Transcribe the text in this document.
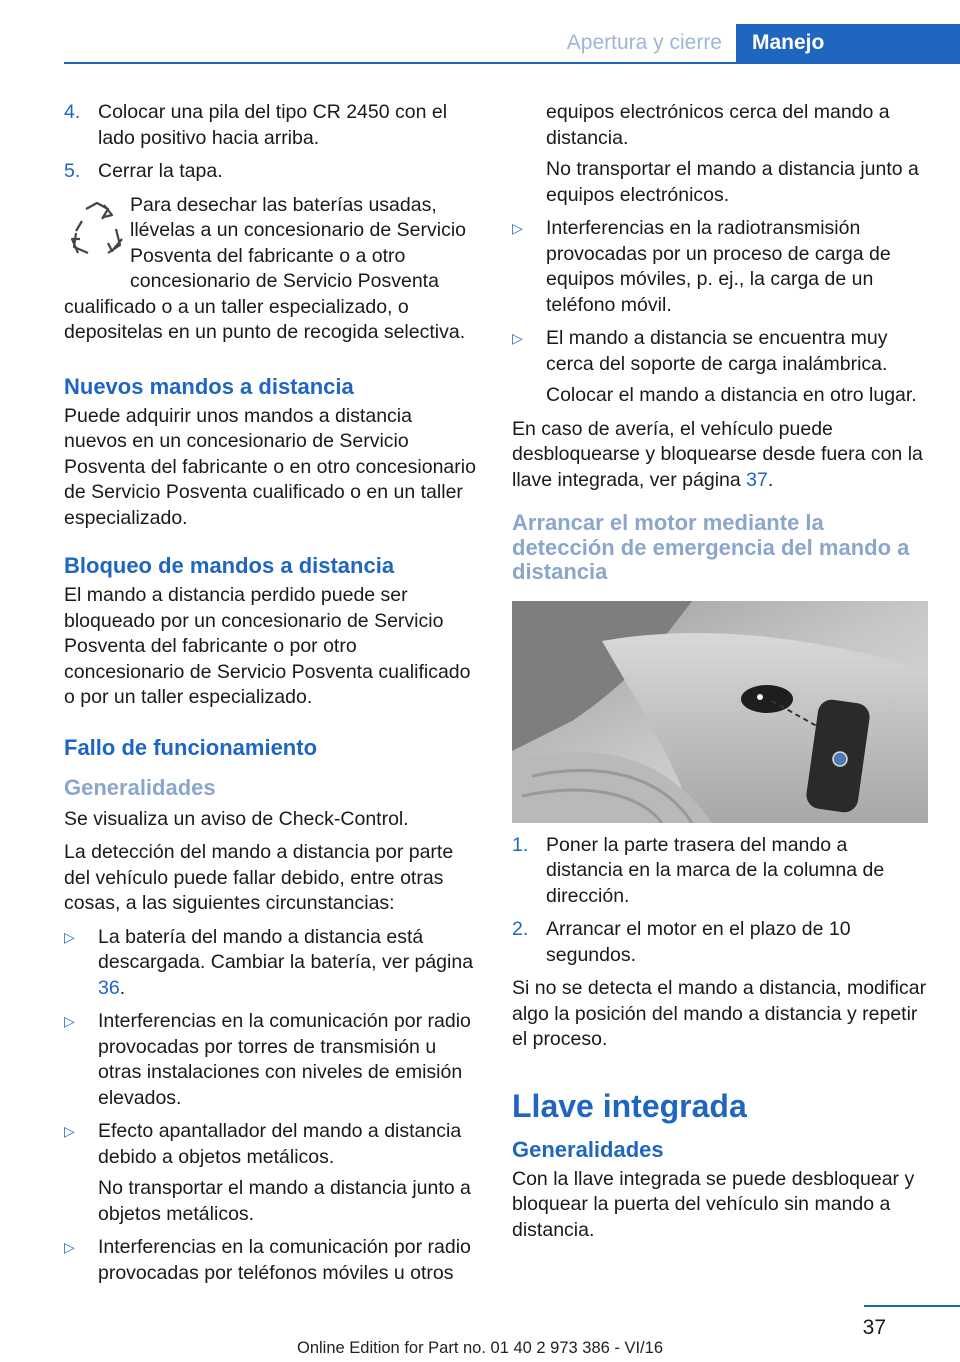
Apertura y cierre	Manejo
4. Colocar una pila del tipo CR 2450 con el lado positivo hacia arriba.
5. Cerrar la tapa.
Para desechar las baterías usadas, llévelas a un concesionario de Servicio Posventa del fabricante o a otro concesionario de Servicio Posventa cualificado o a un taller especializado, o depositelas en un punto de recogida selectiva.
Nuevos mandos a distancia

Puede adquirir unos mandos a distancia nuevos en un concesionario de Servicio Posventa del fabricante o en otro concesionario de Servicio Posventa cualificado o en un taller especializado.

Bloqueo de mandos a distancia

El mando a distancia perdido puede ser bloqueado por un concesionario de Servicio Posventa del fabricante o por otro concesionario de Servicio Posventa cualificado o por un taller especializado.

Fallo de funcionamiento
Generalidades

Se visualiza un aviso de Check-Control.

La detección del mando a distancia por parte del vehículo puede fallar debido, entre otras cosas, a las siguientes circunstancias:

▷	La batería del mando a distancia está descargada. Cambiar la batería, ver página 36.
▷	Interferencias en la comunicación por radio provocadas por torres de transmisión u otras instalaciones con niveles de emisión elevados.
▷	Efecto apantallador del mando a distancia debido a objetos metálicos.
No transportar el mando a distancia junto a objetos metálicos.
▷	Interferencias en la comunicación por radio provocadas por teléfonos móviles u otros
equipos electrónicos cerca del mando a distancia.
No transportar el mando a distancia junto a equipos electrónicos.
▷	Interferencias en la radiotransmisión provocadas por un proceso de carga de equipos móviles, p. ej., la carga de un teléfono móvil.
▷	El mando a distancia se encuentra muy cerca del soporte de carga inalámbrica.
Colocar el mando a distancia en otro lugar.

En caso de avería, el vehículo puede desbloquearse y bloquearse desde fuera con la llave integrada, ver página 37.

Arrancar el motor mediante la detección de emergencia del mando a distancia
1. Poner la parte trasera del mando a distancia en la marca de la columna de dirección.
2. Arrancar el motor en el plazo de 10 segundos.

Si no se detecta el mando a distancia, modificar algo la posición del mando a distancia y repetir el proceso.

Llave integrada
Generalidades

Con la llave integrada se puede desbloquear y bloquear la puerta del vehículo sin mando a distancia.

37
Online Edition for Part no. 01 40 2 973 386 - VI/16
